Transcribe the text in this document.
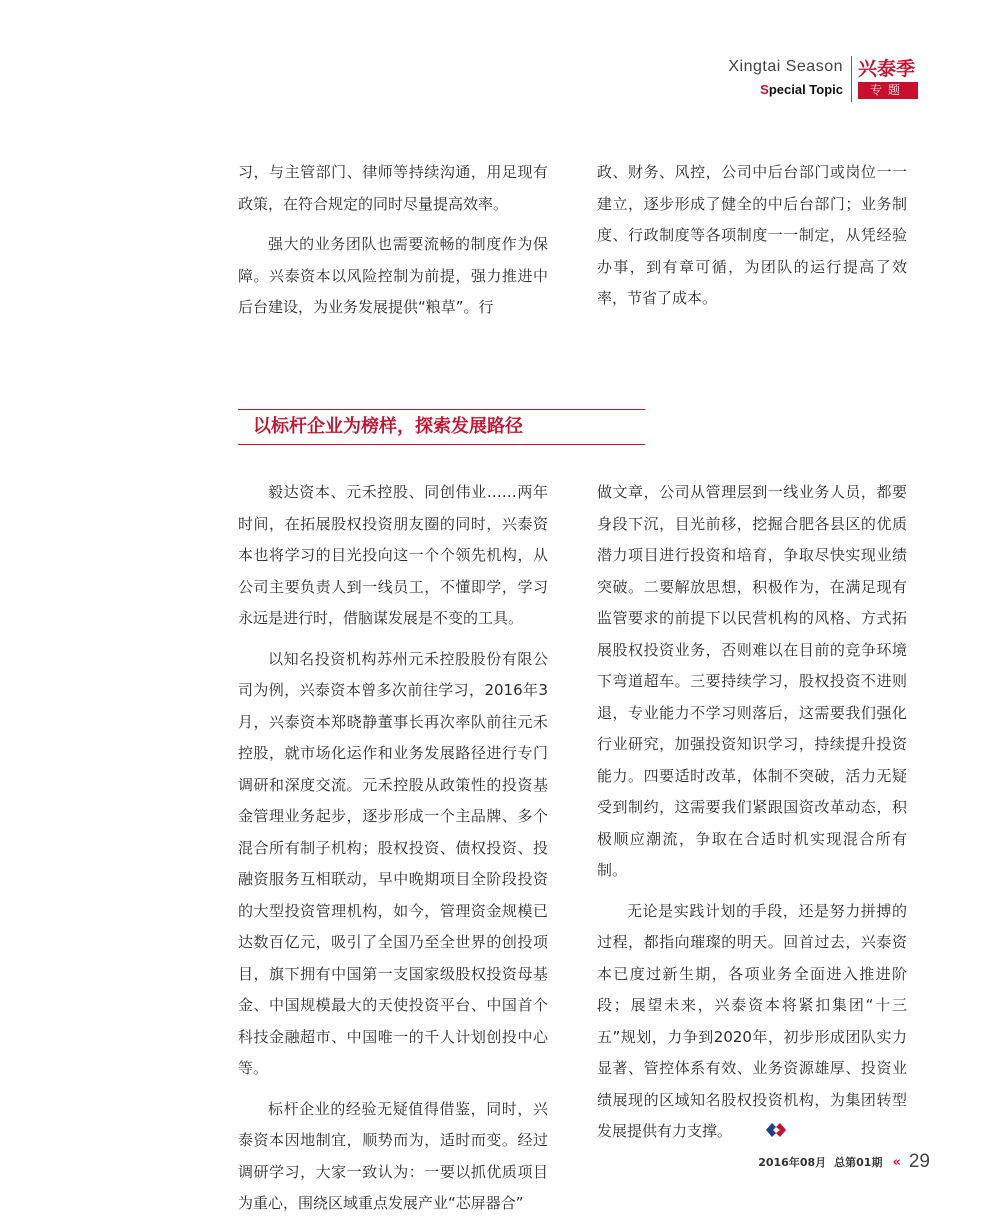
Xingtai Season
Special Topic
兴泰季
专题

习，与主管部门、律师等持续沟通，用足现有政策，在符合规定的同时尽量提高效率。

强大的业务团队也需要流畅的制度作为保障。兴泰资本以风险控制为前提，强力推进中后台建设，为业务发展提供“粮草”。行

政、财务、风控，公司中后台部门或岗位一一建立，逐步形成了健全的中后台部门；业务制度、行政制度等各项制度一一制定，从凭经验办事，到有章可循，为团队的运行提高了效率，节省了成本。

以标杆企业为榜样，探索发展路径

毅达资本、元禾控股、同创伟业……两年时间，在拓展股权投资朋友圈的同时，兴泰资本也将学习的目光投向这一个个领先机构，从公司主要负责人到一线员工，不懂即学，学习永远是进行时，借脑谋发展是不变的工具。

以知名投资机构苏州元禾控股股份有限公司为例，兴泰资本曾多次前往学习，2016年3月，兴泰资本郑晓静董事长再次率队前往元禾控股，就市场化运作和业务发展路径进行专门调研和深度交流。元禾控股从政策性的投资基金管理业务起步，逐步形成一个主品牌、多个混合所有制子机构；股权投资、债权投资、投融资服务互相联动，早中晚期项目全阶段投资的大型投资管理机构，如今，管理资金规模已达数百亿元，吸引了全国乃至全世界的创投项目，旗下拥有中国第一支国家级股权投资母基金、中国规模最大的天使投资平台、中国首个科技金融超市、中国唯一的千人计划创投中心等。

标杆企业的经验无疑值得借鉴，同时，兴泰资本因地制宜，顺势而为，适时而变。经过调研学习，大家一致认为：一要以抓优质项目为重心，围绕区域重点发展产业“芯屏器合”

做文章，公司从管理层到一线业务人员，都要身段下沉，目光前移，挖掘合肥各县区的优质潜力项目进行投资和培育，争取尽快实现业绩突破。二要解放思想，积极作为，在满足现有监管要求的前提下以民营机构的风格、方式拓展股权投资业务，否则难以在目前的竞争环境下弯道超车。三要持续学习，股权投资不进则退，专业能力不学习则落后，这需要我们强化行业研究，加强投资知识学习，持续提升投资能力。四要适时改革，体制不突破，活力无疑受到制约，这需要我们紧跟国资改革动态，积极顺应潮流，争取在合适时机实现混合所有制。

无论是实践计划的手段，还是努力拼搏的过程，都指向璀璨的明天。回首过去，兴泰资本已度过新生期，各项业务全面进入推进阶段；展望未来，兴泰资本将紧扣集团“十三五”规划，力争到2020年，初步形成团队实力显著、管控体系有效、业务资源雄厚、投资业绩展现的区域知名股权投资机构，为集团转型发展提供有力支撑。

2016年08月 总第01期 « 29
